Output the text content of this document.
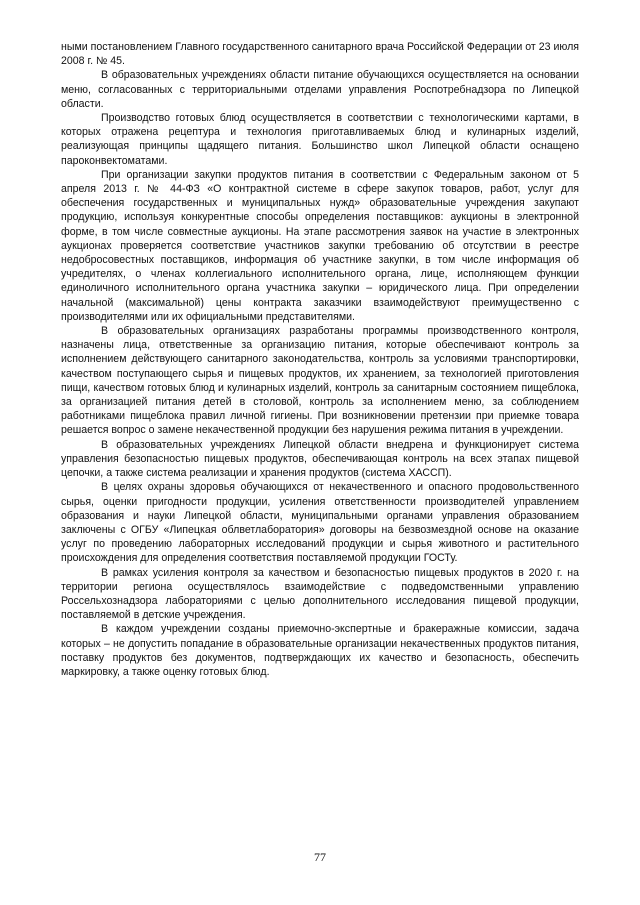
ными постановлением Главного государственного санитарного врача Российской Федерации от 23 июля 2008 г. № 45.

В образовательных учреждениях области питание обучающихся осуществляется на основании меню, согласованных с территориальными отделами управления Роспотребнадзора по Липецкой области.

Производство готовых блюд осуществляется в соответствии с технологическими картами, в которых отражена рецептура и технология приготавливаемых блюд и кулинарных изделий, реализующая принципы щадящего питания. Большинство школ Липецкой области оснащено пароконвектоматами.

При организации закупки продуктов питания в соответствии с Федеральным законом от 5 апреля 2013 г. № 44-ФЗ «О контрактной системе в сфере закупок товаров, работ, услуг для обеспечения государственных и муниципальных нужд» образовательные учреждения закупают продукцию, используя конкурентные способы определения поставщиков: аукционы в электронной форме, в том числе совместные аукционы. На этапе рассмотрения заявок на участие в электронных аукционах проверяется соответствие участников закупки требованию об отсутствии в реестре недобросовестных поставщиков, информация об участнике закупки, в том числе информация об учредителях, о членах коллегиального исполнительного органа, лице, исполняющем функции единоличного исполнительного органа участника закупки – юридического лица. При определении начальной (максимальной) цены контракта заказчики взаимодействуют преимущественно с производителями или их официальными представителями.

В образовательных организациях разработаны программы производственного контроля, назначены лица, ответственные за организацию питания, которые обеспечивают контроль за исполнением действующего санитарного законодательства, контроль за условиями транспортировки, качеством поступающего сырья и пищевых продуктов, их хранением, за технологией приготовления пищи, качеством готовых блюд и кулинарных изделий, контроль за санитарным состоянием пищеблока, за организацией питания детей в столовой, контроль за исполнением меню, за соблюдением работниками пищеблока правил личной гигиены. При возникновении претензии при приемке товара решается вопрос о замене некачественной продукции без нарушения режима питания в учреждении.

В образовательных учреждениях Липецкой области внедрена и функционирует система управления безопасностью пищевых продуктов, обеспечивающая контроль на всех этапах пищевой цепочки, а также система реализации и хранения продуктов (система ХАССП).

В целях охраны здоровья обучающихся от некачественного и опасного продовольственного сырья, оценки пригодности продукции, усиления ответственности производителей управлением образования и науки Липецкой области, муниципальными органами управления образованием заключены с ОГБУ «Липецкая облветлаборатория» договоры на безвозмездной основе на оказание услуг по проведению лабораторных исследований продукции и сырья животного и растительного происхождения для определения соответствия поставляемой продукции ГОСТу.

В рамках усиления контроля за качеством и безопасностью пищевых продуктов в 2020 г. на территории региона осуществлялось взаимодействие с подведомственными управлению Россельхознадзора лабораториями с целью дополнительного исследования пищевой продукции, поставляемой в детские учреждения.

В каждом учреждении созданы приемочно-экспертные и бракеражные комиссии, задача которых – не допустить попадание в образовательные организации некачественных продуктов питания, поставку продуктов без документов, подтверждающих их качество и безопасность, обеспечить маркировку, а также оценку готовых блюд.

77
